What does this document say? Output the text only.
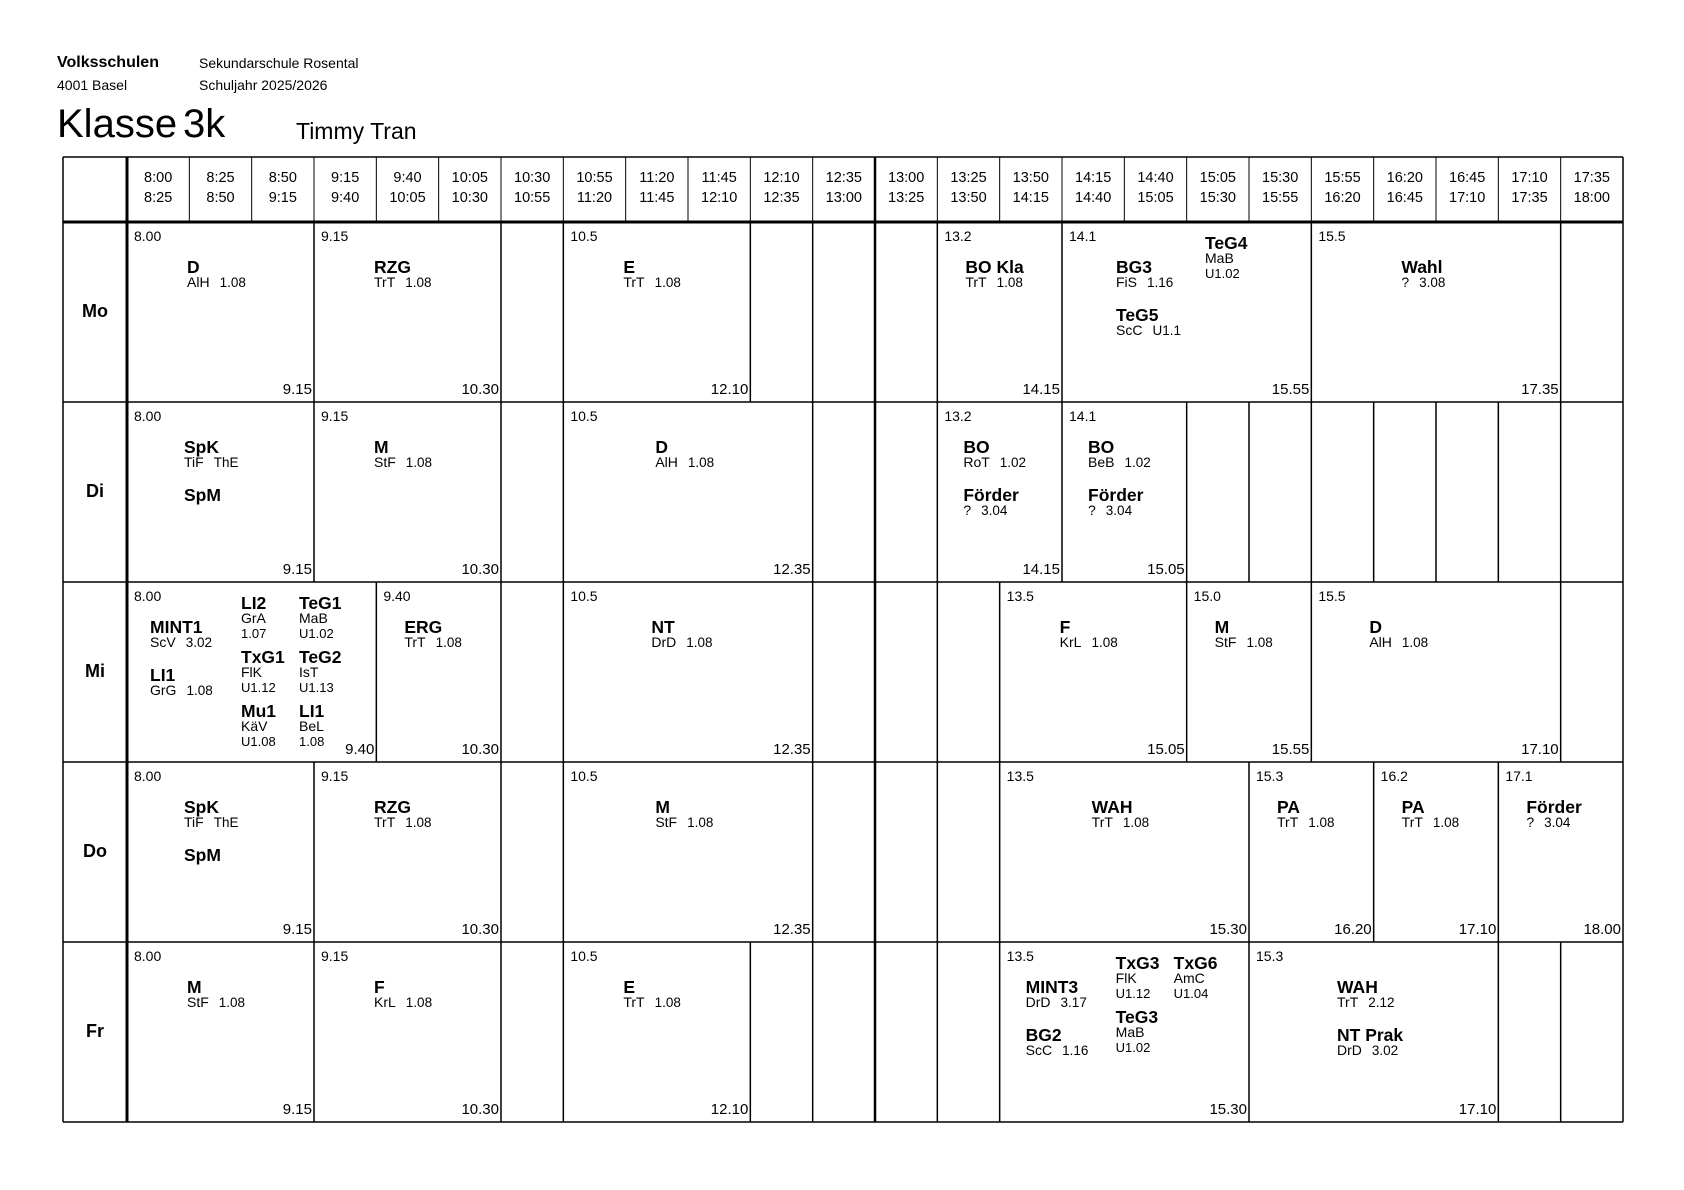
Volksschulen
4001 Basel
Sekundarschule Rosental
Schuljahr 2025/2026
Klasse 3k	Timmy Tran
8:00
8:25
8:25
8:50
8:50
9:15
9:15
9:40
9:40
10:05
10:05
10:30
10:30
10:55
10:55
11:20
11:20
11:45
11:45
12:10
12:10
12:35
12:35
13:00
13:00
13:25
13:25
13:50
13:50
14:15
14:15
14:40
14:40
15:05
15:05
15:30
15:30
15:55
15:55
16:20
16:20
16:45
16:45
17:10
17:10
17:35
17:35
18:00
Mo
8.00
9.15
D
AlH 1.08
9.15
10.30
RZG
TrT 1.08
10.5
12.10
E
TrT 1.08
13.2
14.15
BO Kla
TrT 1.08
14.1
15.55
BG3
FiS 1.16
TeG5
ScC U1.1
TeG4
MaB
U1.02
15.5
17.35
Wahl
? 3.08
Di
8.00
9.15
SpK
TiF ThE
SpM
9.15
10.30
M
StF 1.08
10.5
12.35
D
AlH 1.08
13.2
14.15
BO
RoT 1.02
Förder
? 3.04
14.1
15.05
BO
BeB 1.02
Förder
? 3.04
Mi
8.00
9.40
MINT1
ScV 3.02
LI1
GrG 1.08
LI2
GrA
1.07
TeG1
MaB
U1.02
TxG1
FlK
U1.12
TeG2
IsT
U1.13
Mu1
KäV
U1.08
LI1
BeL
1.08
9.40
10.30
ERG
TrT 1.08
10.5
12.35
NT
DrD 1.08
13.5
15.05
F
KrL 1.08
15.0
15.55
M
StF 1.08
15.5
17.10
D
AlH 1.08
Do
8.00
9.15
SpK
TiF ThE
SpM
9.15
10.30
RZG
TrT 1.08
10.5
12.35
M
StF 1.08
13.5
15.30
WAH
TrT 1.08
15.3
16.20
PA
TrT 1.08
16.2
17.10
PA
TrT 1.08
17.1
18.00
Förder
? 3.04
Fr
8.00
9.15
M
StF 1.08
9.15
10.30
F
KrL 1.08
10.5
12.10
E
TrT 1.08
13.5
15.30
MINT3
DrD 3.17
BG2
ScC 1.16
TxG3
FlK
U1.12
TxG6
AmC
U1.04
TeG3
MaB
U1.02
15.3
17.10
WAH
TrT 2.12
NT Prak
DrD 3.02
